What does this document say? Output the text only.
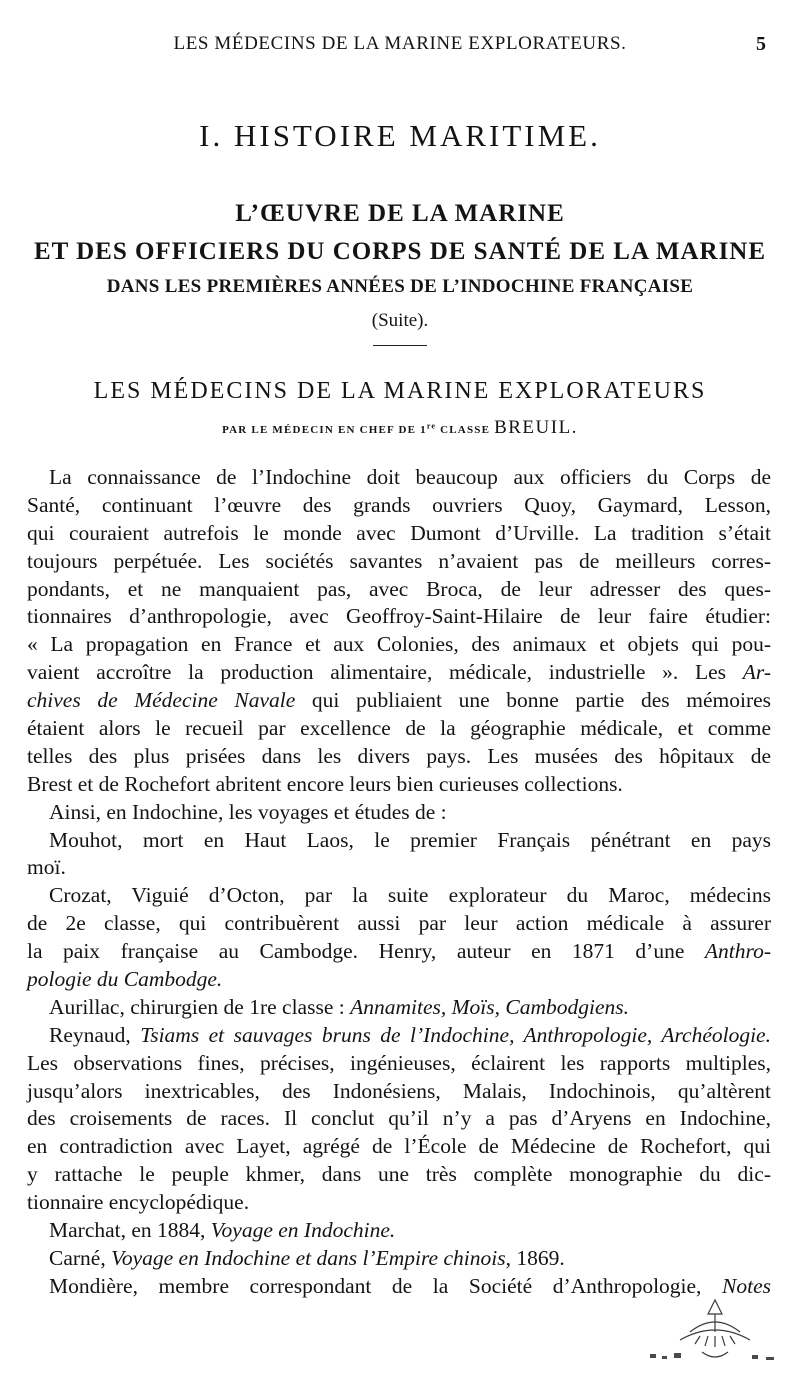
LES MÉDECINS DE LA MARINE EXPLORATEURS.	5
I. HISTOIRE MARITIME.
L’ŒUVRE DE LA MARINE
ET DES OFFICIERS DU CORPS DE SANTÉ DE LA MARINE
DANS LES PREMIÈRES ANNÉES DE L’INDOCHINE FRANÇAISE
(Suite).
LES MÉDECINS DE LA MARINE EXPLORATEURS
PAR LE MÉDECIN EN CHEF DE 1re CLASSE BREUIL.
La connaissance de l’Indochine doit beaucoup aux officiers du Corps de
Santé, continuant l’œuvre des grands ouvriers Quoy, Gaymard, Lesson,
qui couraient autrefois le monde avec Dumont d’Urville. La tradition s’était
toujours perpétuée. Les sociétés savantes n’avaient pas de meilleurs corres-
pondants, et ne manquaient pas, avec Broca, de leur adresser des ques-
tionnaires d’anthropologie, avec Geoffroy-Saint-Hilaire de leur faire étudier:
« La propagation en France et aux Colonies, des animaux et objets qui pou-
vaient accroître la production alimentaire, médicale, industrielle ». Les Ar-
chives de Médecine Navale qui publiaient une bonne partie des mémoires
étaient alors le recueil par excellence de la géographie médicale, et comme
telles des plus prisées dans les divers pays. Les musées des hôpitaux de
Brest et de Rochefort abritent encore leurs bien curieuses collections.
Ainsi, en Indochine, les voyages et études de :
Mouhot, mort en Haut Laos, le premier Français pénétrant en pays
moï.
Crozat, Viguié d’Octon, par la suite explorateur du Maroc, médecins
de 2e classe, qui contribuèrent aussi par leur action médicale à assurer
la paix française au Cambodge. Henry, auteur en 1871 d’une Anthro-
pologie du Cambodge.
Aurillac, chirurgien de 1re classe : Annamites, Moïs, Cambodgiens.
Reynaud, Tsiams et sauvages bruns de l’Indochine, Anthropologie, Archéologie.
Les observations fines, précises, ingénieuses, éclairent les rapports multiples,
jusqu’alors inextricables, des Indonésiens, Malais, Indochinois, qu’altèrent
des croisements de races. Il conclut qu’il n’y a pas d’Aryens en Indochine,
en contradiction avec Layet, agrégé de l’École de Médecine de Rochefort, qui
y rattache le peuple khmer, dans une très complète monographie du dic-
tionnaire encyclopédique.
Marchat, en 1884, Voyage en Indochine.
Carné, Voyage en Indochine et dans l’Empire chinois, 1869.
Mondière, membre correspondant de la Société d’Anthropologie, Notes
